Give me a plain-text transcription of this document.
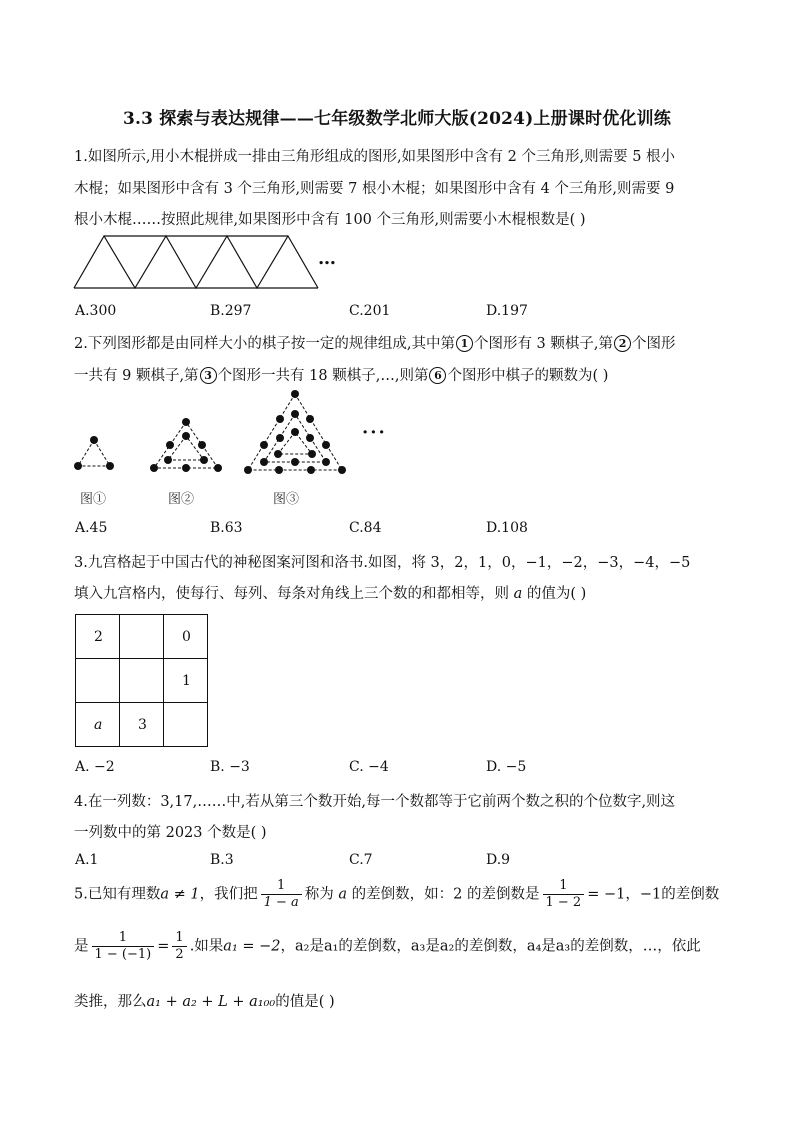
3.3 探索与表达规律——七年级数学北师大版(2024)上册课时优化训练
1.如图所示,用小木棍拼成一排由三角形组成的图形,如果图形中含有 2 个三角形,则需要 5 根小
木棍；如果图形中含有 3 个三角形,则需要 7 根小木棍；如果图形中含有 4 个三角形,则需要 9
根小木棍……按照此规律,如果图形中含有 100 个三角形,则需要小木棍根数是( )
…
A.300	B.297	C.201	D.197
2.下列图形都是由同样大小的棋子按一定的规律组成,其中第 1 个图形有 3 颗棋子,第 2 个图形
一共有 9 颗棋子,第 3 个图形一共有 18 颗棋子,…,则第 6 个图形中棋子的颗数为( )
···
图①	图②	图③
A.45	B.63	C.84	D.108
3.九宫格起于中国古代的神秘图案河图和洛书.如图，将 3，2，1，0，−1，−2，−3，−4，−5
填入九宫格内，使每行、每列、每条对角线上三个数的和都相等，则 a 的值为( )
2		0
		1
a	3	
A. −2	B. −3	C. −4	D. −5
4.在一列数：3,17,……中,若从第三个数开始,每一个数都等于它前两个数之积的个位数字,则这
一列数中的第 2023 个数是( )
A.1	B.3	C.7	D.9
5.已知有理数a ≠ 1，我们把 $\frac{1}{1 - a}$ 称为 a 的差倒数，如：2 的差倒数是 $\frac{1}{1 - 2} = -1$，−1的差倒数
是 $\frac{1}{1 - (-1)} = \frac{1}{2}$ .如果a₁ = −2，a₂是a₁的差倒数，a₃是a₂的差倒数，a₄是a₃的差倒数，…，依此
类推，那么a₁ + a₂ + L + a₁₀₀的值是( )
